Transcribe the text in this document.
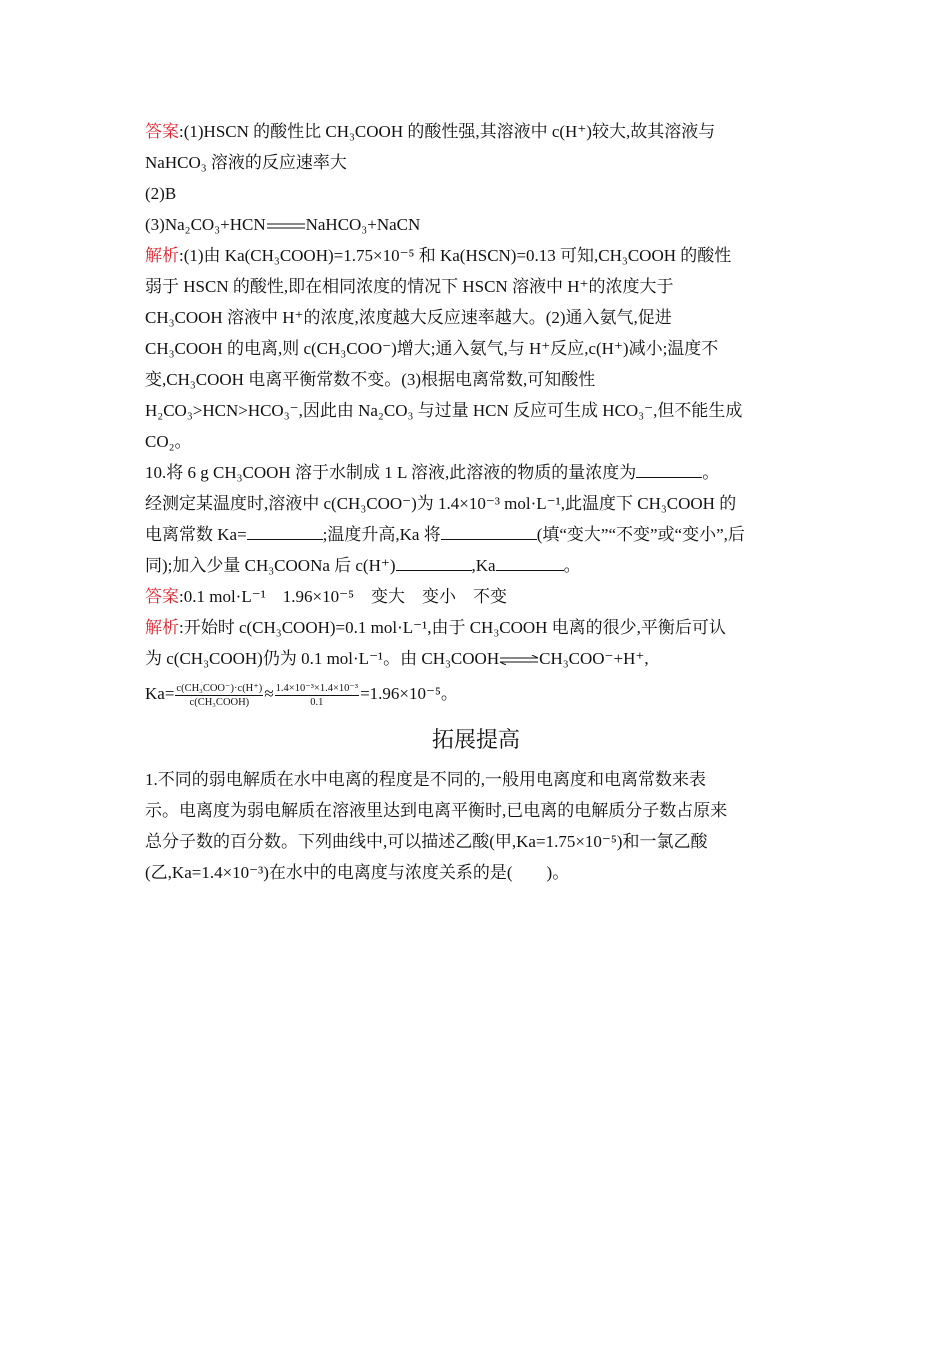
答案:(1)HSCN 的酸性比 CH₃COOH 的酸性强,其溶液中 c(H⁺)较大,故其溶液与
NaHCO₃ 溶液的反应速率大
(2)B
(3)Na₂CO₃+HCN NaHCO₃+NaCN
解析:(1)由 Ka(CH₃COOH)=1.75×10⁻⁵ 和 Ka(HSCN)=0.13 可知,CH₃COOH 的酸性
弱于 HSCN 的酸性,即在相同浓度的情况下 HSCN 溶液中 H⁺的浓度大于
CH₃COOH 溶液中 H⁺的浓度,浓度越大反应速率越大。(2)通入氨气,促进
CH₃COOH 的电离,则 c(CH₃COO⁻)增大;通入氨气,与 H⁺反应,c(H⁺)减小;温度不
变,CH₃COOH 电离平衡常数不变。(3)根据电离常数,可知酸性
H₂CO₃>HCN>HCO₃⁻,因此由 Na₂CO₃ 与过量 HCN 反应可生成 HCO₃⁻,但不能生成
CO₂。
10.将 6 g CH₃COOH 溶于水制成 1 L 溶液,此溶液的物质的量浓度为	。
经测定某温度时,溶液中 c(CH₃COO⁻)为 1.4×10⁻³ mol·L⁻¹,此温度下 CH₃COOH 的
电离常数 Ka=	;温度升高,Ka 将	(填“变大”“不变”或“变小”,后
同);加入少量 CH₃COONa 后 c(H⁺)	,Ka	。
答案:0.1 mol·L⁻¹　1.96×10⁻⁵　变大　变小　不变
解析:开始时 c(CH₃COOH)=0.1 mol·L⁻¹,由于 CH₃COOH 电离的很少,平衡后可认
为 c(CH₃COOH)仍为 0.1 mol·L⁻¹。由 CH₃COOH⇌CH₃COO⁻+H⁺,
$Ka= \frac{\text{c(CH₃COO⁻)·c(H⁺)}}{\text{c(CH₃COOH)}} \approx \frac{\text{1.4×10⁻³×1.4×10⁻³}}{0.1} =1.96\times 10^{-5}$。
拓展提高
1.不同的弱电解质在水中电离的程度是不同的,一般用电离度和电离常数来表
示。电离度为弱电解质在溶液里达到电离平衡时,已电离的电解质分子数占原来
总分子数的百分数。下列曲线中,可以描述乙酸(甲,Ka=1.75×10⁻⁵)和一氯乙酸
(乙,Ka=1.4×10⁻³)在水中的电离度与浓度关系的是(　　)。
